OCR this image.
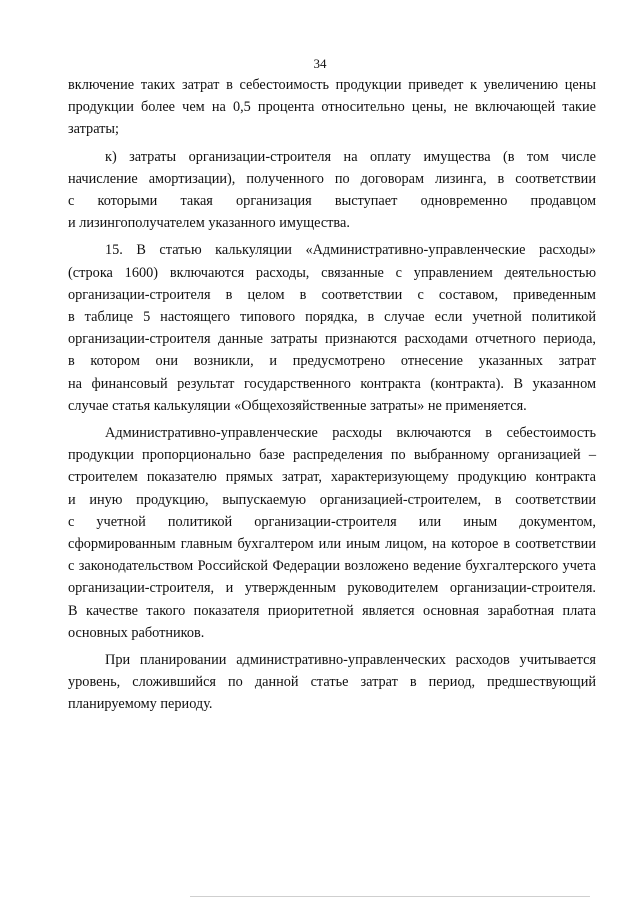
34

включение таких затрат в себестоимость продукции приведет к увеличению цены
продукции более чем на 0,5 процента относительно цены, не включающей такие
затраты;

к) затраты организации-строителя на оплату имущества (в том числе
начисление амортизации), полученного по договорам лизинга, в соответствии
с которыми такая организация выступает одновременно продавцом
и лизингополучателем указанного имущества.

15. В статью калькуляции «Административно-управленческие расходы»
(строка 1600) включаются расходы, связанные с управлением деятельностью
организации-строителя в целом в соответствии с составом, приведенным
в таблице 5 настоящего типового порядка, в случае если учетной политикой
организации-строителя данные затраты признаются расходами отчетного периода,
в котором они возникли, и предусмотрено отнесение указанных затрат
на финансовый результат государственного контракта (контракта). В указанном
случае статья калькуляции «Общехозяйственные затраты» не применяется.

Административно-управленческие расходы включаются в себестоимость
продукции пропорционально базе распределения по выбранному организацией –
строителем показателю прямых затрат, характеризующему продукцию контракта
и иную продукцию, выпускаемую организацией-строителем, в соответствии
с учетной политикой организации-строителя или иным документом,
сформированным главным бухгалтером или иным лицом, на которое в соответствии
с законодательством Российской Федерации возложено ведение бухгалтерского учета
организации-строителя, и утвержденным руководителем организации-строителя.
В качестве такого показателя приоритетной является основная заработная плата
основных работников.

При планировании административно-управленческих расходов учитывается
уровень, сложившийся по данной статье затрат в период, предшествующий
планируемому периоду.
